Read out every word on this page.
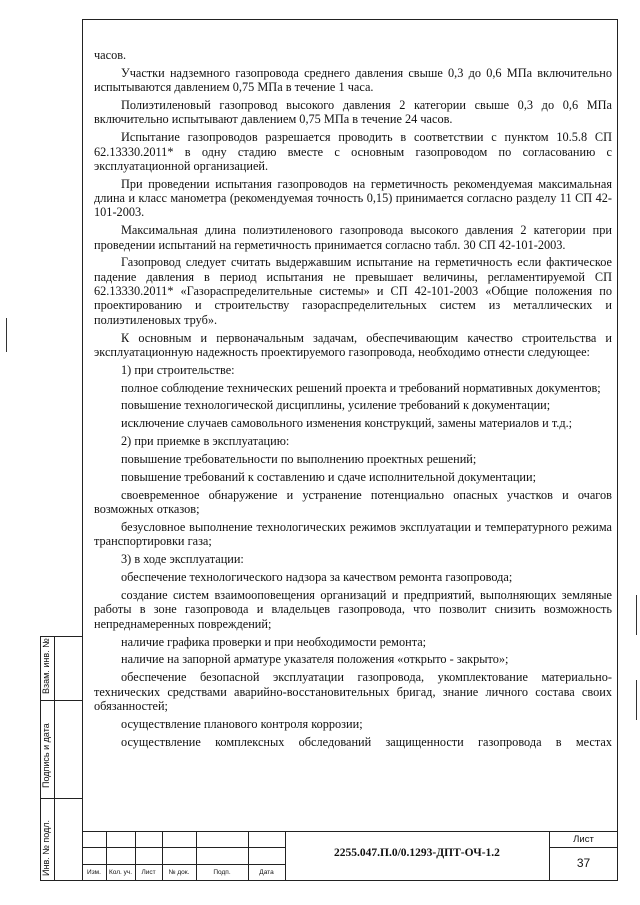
часов.

Участки надземного газопровода среднего давления свыше 0,3 до 0,6 МПа включительно испытываются давлением 0,75 МПа в течение 1 часа.

Полиэтиленовый газопровод высокого давления 2 категории свыше 0,3 до 0,6 МПа включительно испытывают давлением 0,75 МПа в течение 24 часов.

Испытание газопроводов разрешается проводить в соответствии с пунктом 10.5.8 СП 62.13330.2011* в одну стадию вместе с основным газопроводом по согласованию с эксплуатационной организацией.

При проведении испытания газопроводов на герметичность рекомендуемая максимальная длина и класс манометра (рекомендуемая точность 0,15) принимается согласно разделу 11 СП 42-101-2003.

Максимальная длина полиэтиленового газопровода высокого давления 2 категории при проведении испытаний на герметичность принимается согласно табл. 30 СП 42-101-2003.

Газопровод следует считать выдержавшим испытание на герметичность если фактическое падение давления в период испытания не превышает величины, регламентируемой СП 62.13330.2011* «Газораспределительные системы» и СП 42-101-2003 «Общие положения по проектированию и строительству газораспределительных систем из металлических и полиэтиленовых труб».

К основным и первоначальным задачам, обеспечивающим качество строительства и эксплуатационную надежность проектируемого газопровода, необходимо отнести следующее:

1) при строительстве:

полное соблюдение технических решений проекта и требований нормативных документов;

повышение технологической дисциплины, усиление требований к документации;

исключение случаев самовольного изменения конструкций, замены материалов и т.д.;

2) при приемке в эксплуатацию:

повышение требовательности по выполнению проектных решений;

повышение требований к составлению и сдаче исполнительной документации;

своевременное обнаружение и устранение потенциально опасных участков и очагов возможных отказов;

безусловное выполнение технологических режимов эксплуатации и температурного режима транспортировки газа;

3) в ходе эксплуатации:

обеспечение технологического надзора за качеством ремонта газопровода;

создание систем взаимооповещения организаций и предприятий, выполняющих земляные работы в зоне газопровода и владельцев газопровода, что позволит снизить возможность непреднамеренных повреждений;

наличие графика проверки и при необходимости ремонта;

наличие на запорной арматуре указателя положения «открыто - закрыто»;

обеспечение безопасной эксплуатации газопровода, укомплектование материально-технических средствами аварийно-восстановительных бригад, знание личного состава своих обязанностей;

осуществление планового контроля коррозии;

осуществление комплексных обследований защищенности газопровода в местах

Взам. инв. №
Подпись и дата
Инв. № подл.	Изм.	Кол. уч.	Лист	№ док.	Подп.	Дата
2255.047.П.0/0.1293-ДПТ-ОЧ-1.2
Лист
37
